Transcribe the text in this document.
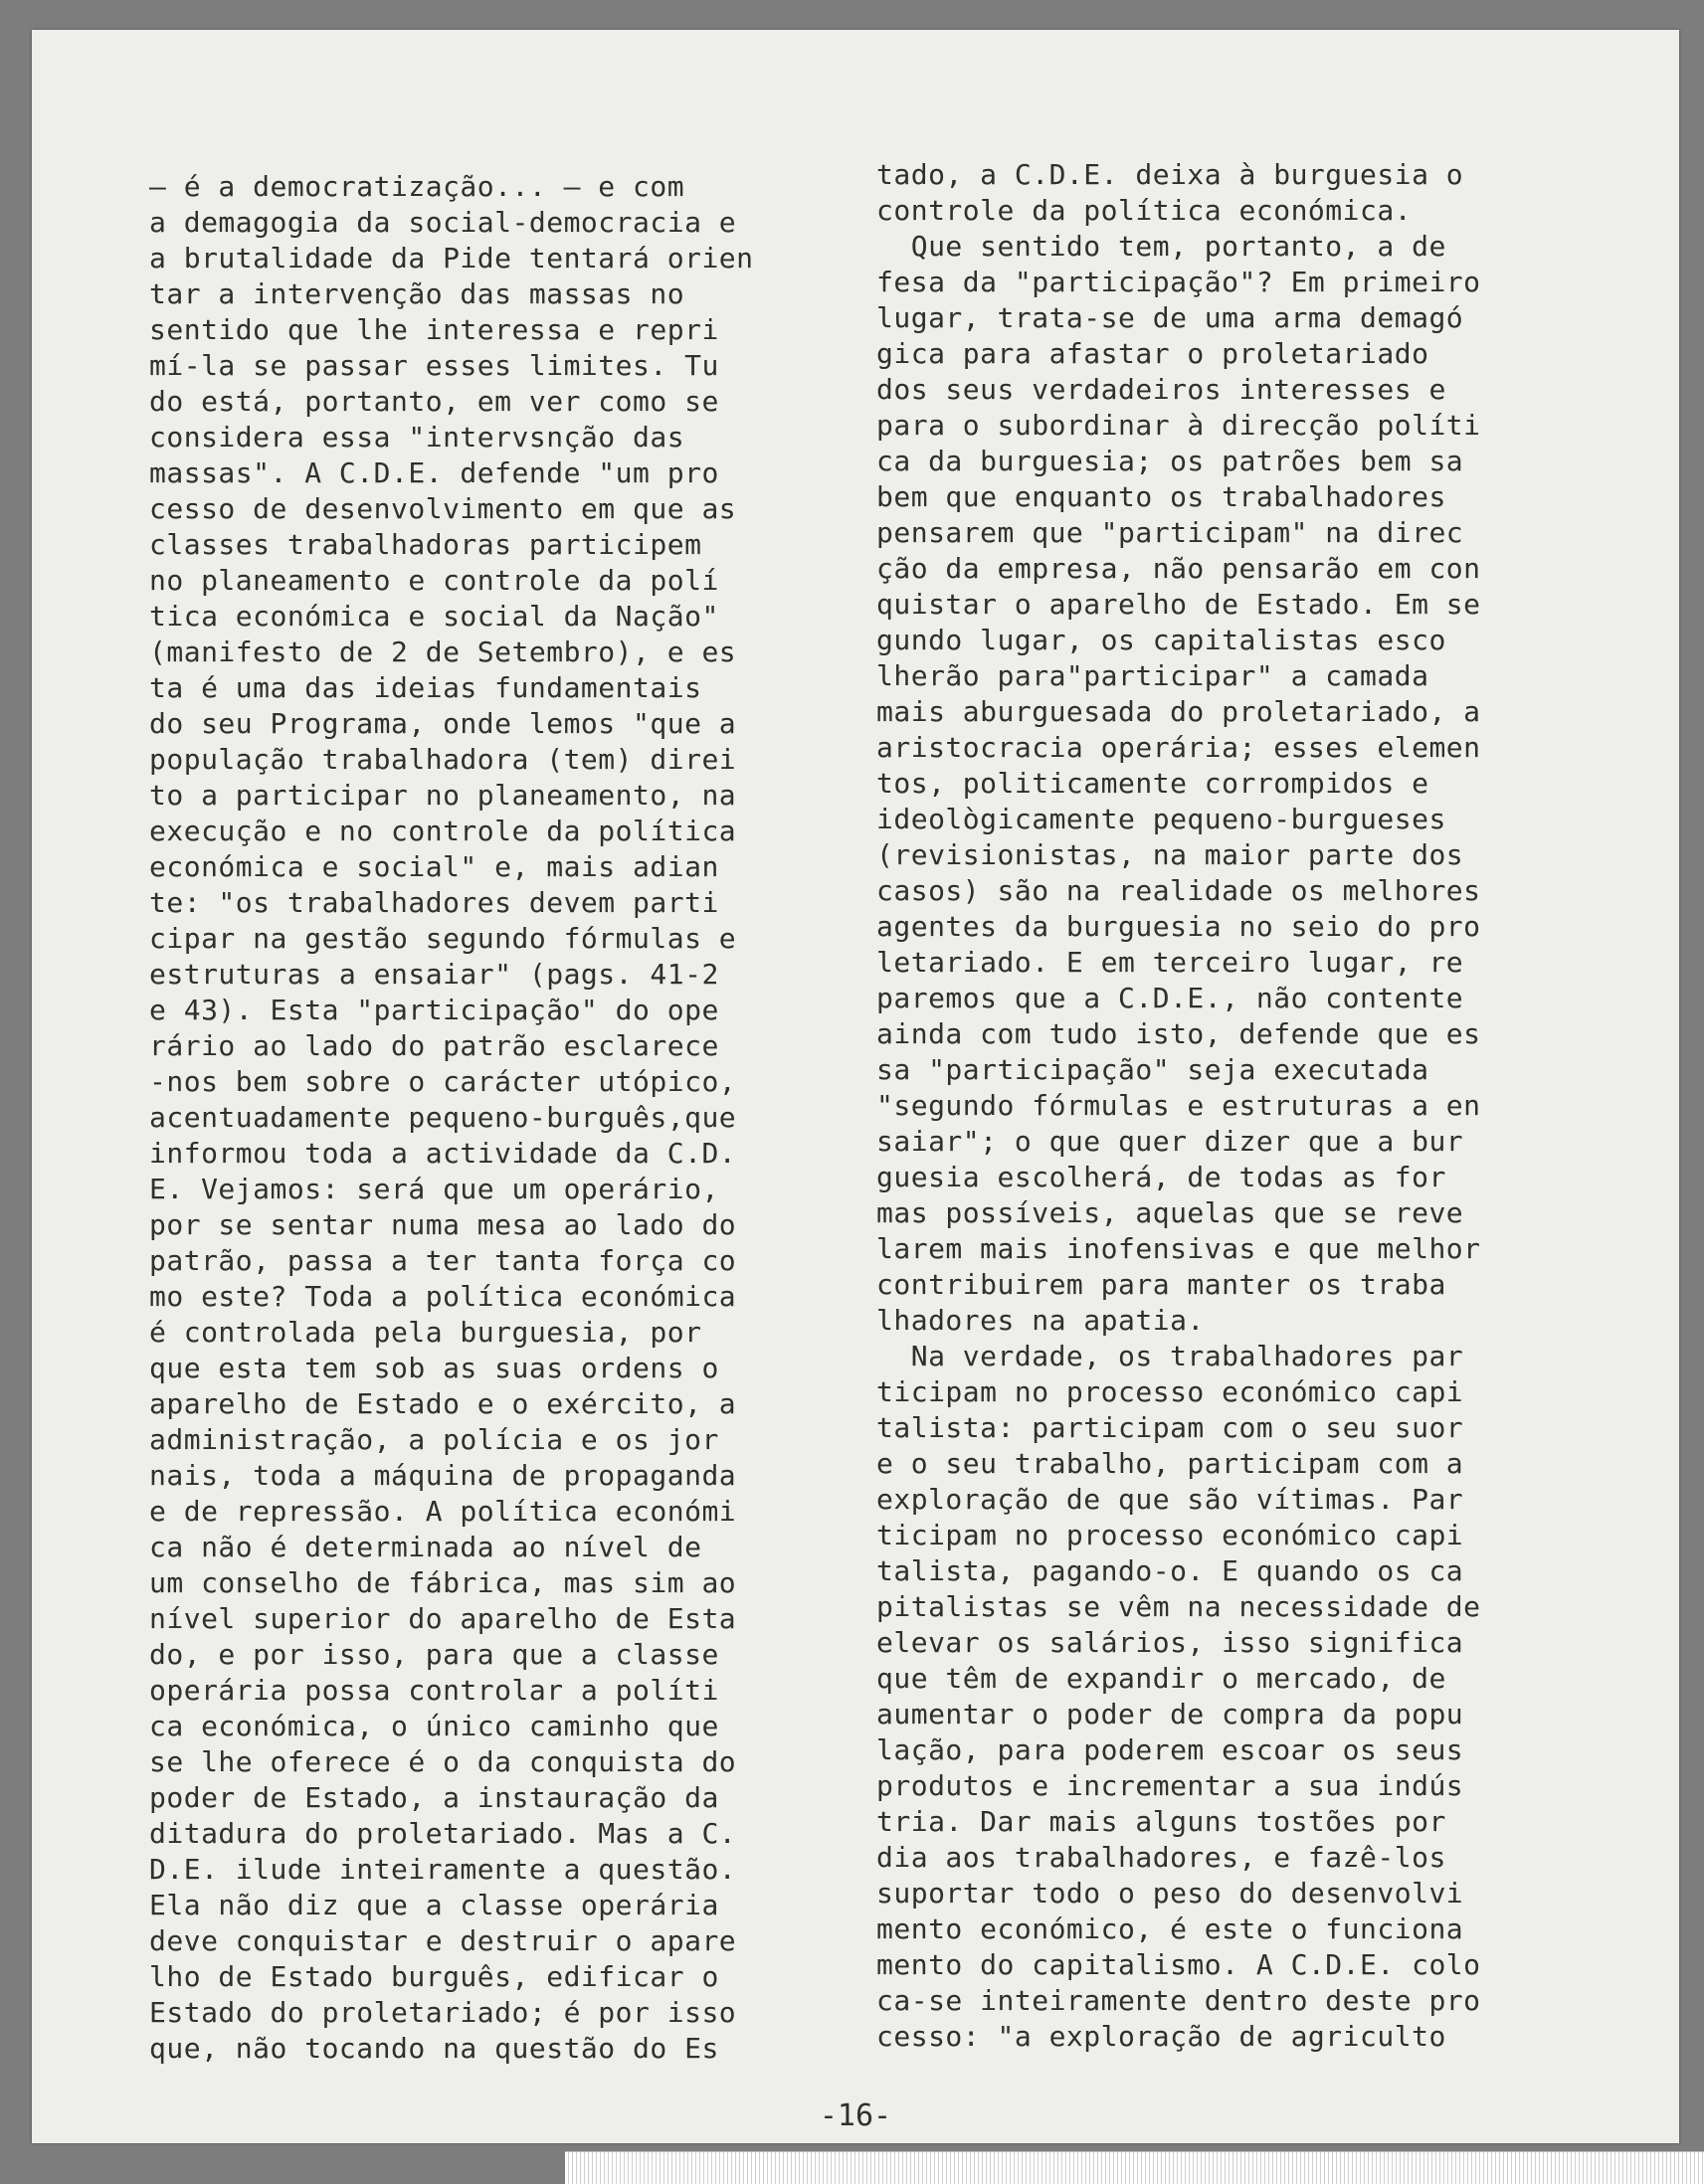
— é a democratização... — e com
a demagogia da social-democracia e
a brutalidade da Pide tentará orien
tar a intervenção das massas no
sentido que lhe interessa e repri
mí-la se passar esses limites. Tu
do está, portanto, em ver como se
considera essa "intervsnção das
massas". A C.D.E. defende "um pro
cesso de desenvolvimento em que as
classes trabalhadoras participem
no planeamento e controle da polí
tica económica e social da Nação"
(manifesto de 2 de Setembro), e es
ta é uma das ideias fundamentais
do seu Programa, onde lemos "que a
população trabalhadora (tem) direi
to a participar no planeamento, na
execução e no controle da política
económica e social" e, mais adian
te: "os trabalhadores devem parti
cipar na gestão segundo fórmulas e
estruturas a ensaiar" (pags. 41-2
e 43). Esta "participação" do ope
rário ao lado do patrão esclarece
-nos bem sobre o carácter utópico,
acentuadamente pequeno-burguês,que
informou toda a actividade da C.D.
E. Vejamos: será que um operário,
por se sentar numa mesa ao lado do
patrão, passa a ter tanta força co
mo este? Toda a política económica
é controlada pela burguesia, por
que esta tem sob as suas ordens o
aparelho de Estado e o exército, a
administração, a polícia e os jor
nais, toda a máquina de propaganda
e de repressão. A política económi
ca não é determinada ao nível de
um conselho de fábrica, mas sim ao
nível superior do aparelho de Esta
do, e por isso, para que a classe
operária possa controlar a políti
ca económica, o único caminho que
se lhe oferece é o da conquista do
poder de Estado, a instauração da
ditadura do proletariado. Mas a C.
D.E. ilude inteiramente a questão.
Ela não diz que a classe operária
deve conquistar e destruir o apare
lho de Estado burguês, edificar o
Estado do proletariado; é por isso
que, não tocando na questão do Es
tado, a C.D.E. deixa à burguesia o
controle da política económica.
Que sentido tem, portanto, a de
fesa da "participação"? Em primeiro
lugar, trata-se de uma arma demagó
gica para afastar o proletariado
dos seus verdadeiros interesses e
para o subordinar à direcção políti
ca da burguesia; os patrões bem sa
bem que enquanto os trabalhadores
pensarem que "participam" na direc
ção da empresa, não pensarão em con
quistar o aparelho de Estado. Em se
gundo lugar, os capitalistas esco
lherão para"participar" a camada
mais aburguesada do proletariado, a
aristocracia operária; esses elemen
tos, politicamente corrompidos e
ideològicamente pequeno-burgueses
(revisionistas, na maior parte dos
casos) são na realidade os melhores
agentes da burguesia no seio do pro
letariado. E em terceiro lugar, re
paremos que a C.D.E., não contente
ainda com tudo isto, defende que es
sa "participação" seja executada
"segundo fórmulas e estruturas a en
saiar"; o que quer dizer que a bur
guesia escolherá, de todas as for
mas possíveis, aquelas que se reve
larem mais inofensivas e que melhor
contribuirem para manter os traba
lhadores na apatia.
Na verdade, os trabalhadores par
ticipam no processo económico capi
talista: participam com o seu suor
e o seu trabalho, participam com a
exploração de que são vítimas. Par
ticipam no processo económico capi
talista, pagando-o. E quando os ca
pitalistas se vêm na necessidade de
elevar os salários, isso significa
que têm de expandir o mercado, de
aumentar o poder de compra da popu
lação, para poderem escoar os seus
produtos e incrementar a sua indús
tria. Dar mais alguns tostões por
dia aos trabalhadores, e fazê-los
suportar todo o peso do desenvolvi
mento económico, é este o funciona
mento do capitalismo. A C.D.E. colo
ca-se inteiramente dentro deste pro
cesso: "a exploração de agriculto
-16-
